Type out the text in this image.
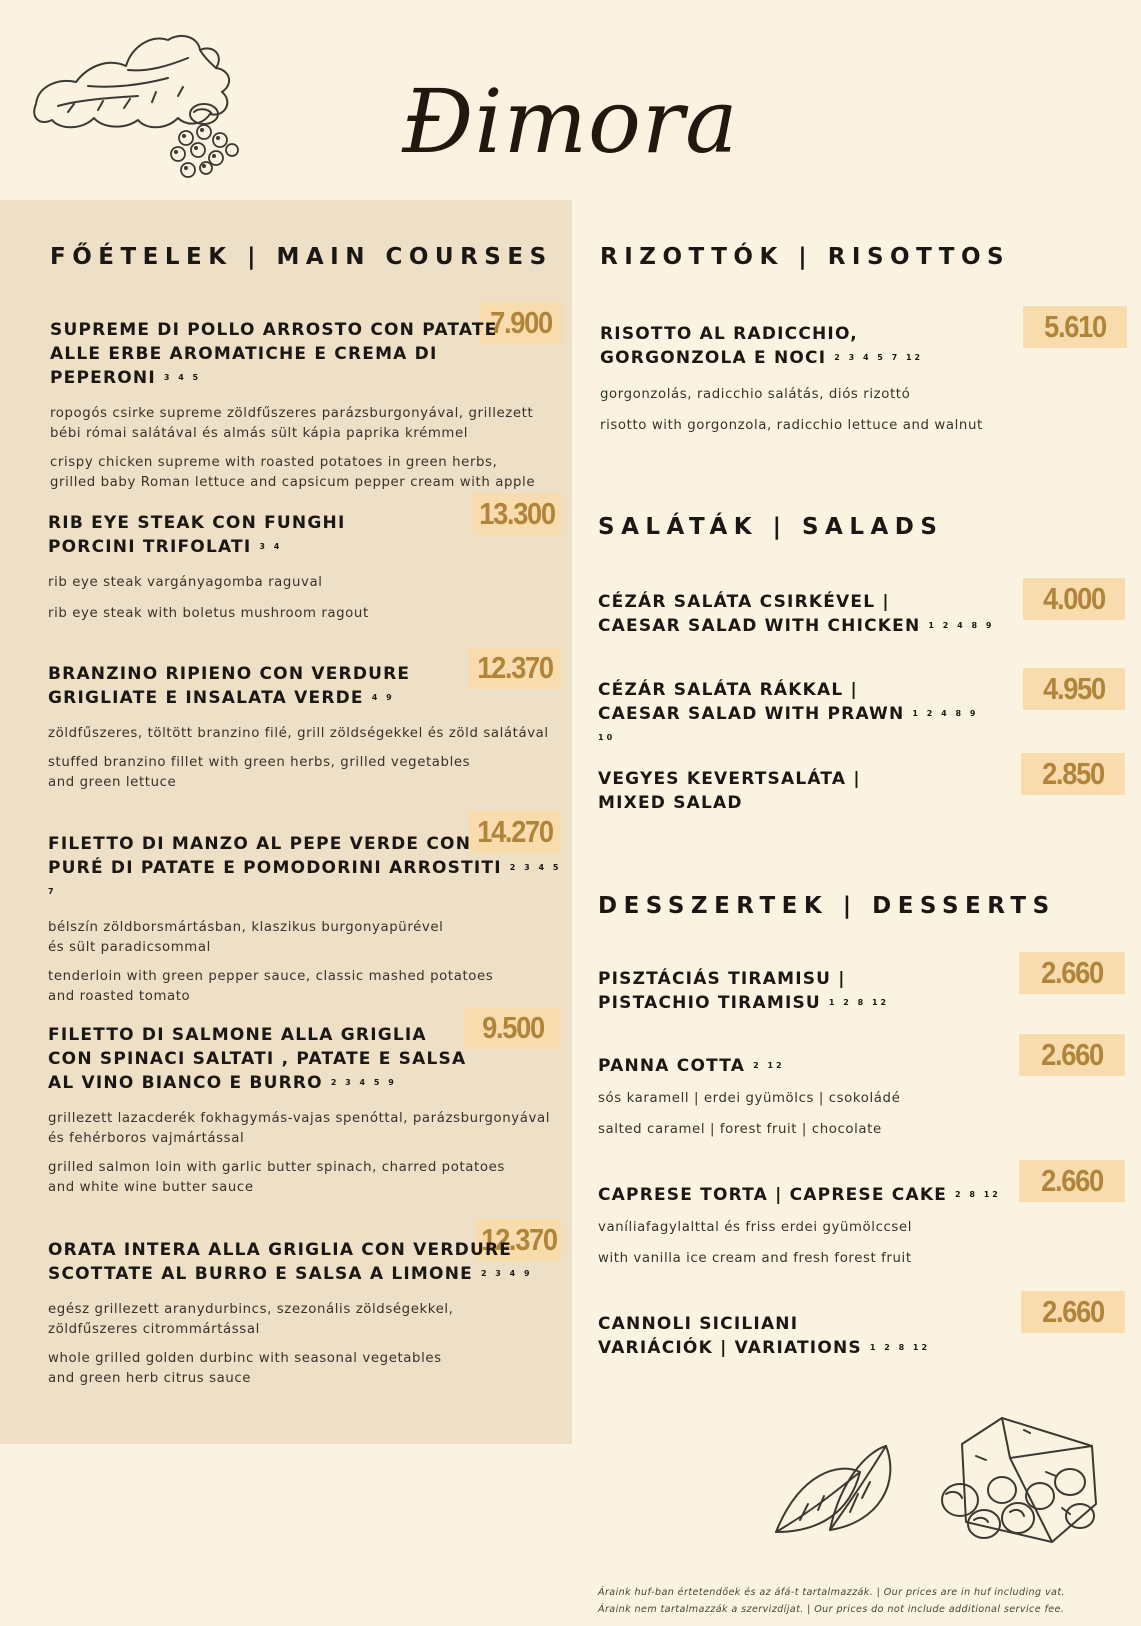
Đimora
FŐÉTELEK | MAIN COURSES
7.900

SUPREME DI POLLO ARROSTO CON PATATE
ALLE ERBE AROMATICHE E CREMA DI PEPERONI 3 4 5

ropogós csirke supreme zöldfűszeres parázsburgonyával, grillezett
bébi római salátával és almás sült kápia paprika krémmel

crispy chicken supreme with roasted potatoes in green herbs,
grilled baby Roman lettuce and capsicum pepper cream with apple

13.300

RIB EYE STEAK CON FUNGHI
PORCINI TRIFOLATI 3 4

rib eye steak vargányagomba raguval

rib eye steak with boletus mushroom ragout

12.370

BRANZINO RIPIENO CON VERDURE
GRIGLIATE E INSALATA VERDE 4 9

zöldfűszeres, töltött branzino filé, grill zöldségekkel és zöld salátával

stuffed branzino fillet with green herbs, grilled vegetables
and green lettuce

14.270

FILETTO DI MANZO AL PEPE VERDE CON
PURÉ DI PATATE E POMODORINI ARROSTITI 2 3 4 5 7

bélszín zöldborsmártásban, klaszikus burgonyapürével
és sült paradicsommal

tenderloin with green pepper sauce, classic mashed potatoes
and roasted tomato

9.500

FILETTO DI SALMONE ALLA GRIGLIA
CON SPINACI SALTATI , PATATE E SALSA
AL VINO BIANCO E BURRO 2 3 4 5 9

grillezett lazacderék fokhagymás-vajas spenóttal, parázsburgonyával
és fehérboros vajmártással

grilled salmon loin with garlic butter spinach, charred potatoes
and white wine butter sauce

12.370

ORATA INTERA ALLA GRIGLIA CON VERDURE
SCOTTATE AL BURRO E SALSA A LIMONE 2 3 4 9

egész grillezett aranydurbincs, szezonális zöldségekkel,
zöldfűszeres citrommártással

whole grilled golden durbinc with seasonal vegetables
and green herb citrus sauce

RIZOTTÓK | RISOTTOS
5.610

RISOTTO AL RADICCHIO,
GORGONZOLA E NOCI 2 3 4 5 7 12

gorgonzolás, radicchio salátás, diós rizottó

risotto with gorgonzola, radicchio lettuce and walnut

SALÁTÁK | SALADS
4.000

CÉZÁR SALÁTA CSIRKÉVEL |
CAESAR SALAD WITH CHICKEN 1 2 4 8 9

4.950

CÉZÁR SALÁTA RÁKKAL |
CAESAR SALAD WITH PRAWN 1 2 4 8 9 10

2.850

VEGYES KEVERTSALÁTA |
MIXED SALAD

DESSZERTEK | DESSERTS
2.660

PISZTÁCIÁS TIRAMISU |
PISTACHIO TIRAMISU 1 2 8 12

2.660

PANNA COTTA 2 12

sós karamell | erdei gyümölcs | csokoládé

salted caramel | forest fruit | chocolate

2.660

CAPRESE TORTA | CAPRESE CAKE 2 8 12

vaníliafagylalttal és friss erdei gyümölccsel

with vanilla ice cream and fresh forest fruit

2.660

CANNOLI SICILIANI
VARIÁCIÓK | VARIATIONS 1 2 8 12

Áraink huf-ban értetendőek és az áfá-t tartalmazzák. | Our prices are in huf including vat.

Áraink nem tartalmazzák a szervizdíjat. | Our prices do not include additional service fee.
